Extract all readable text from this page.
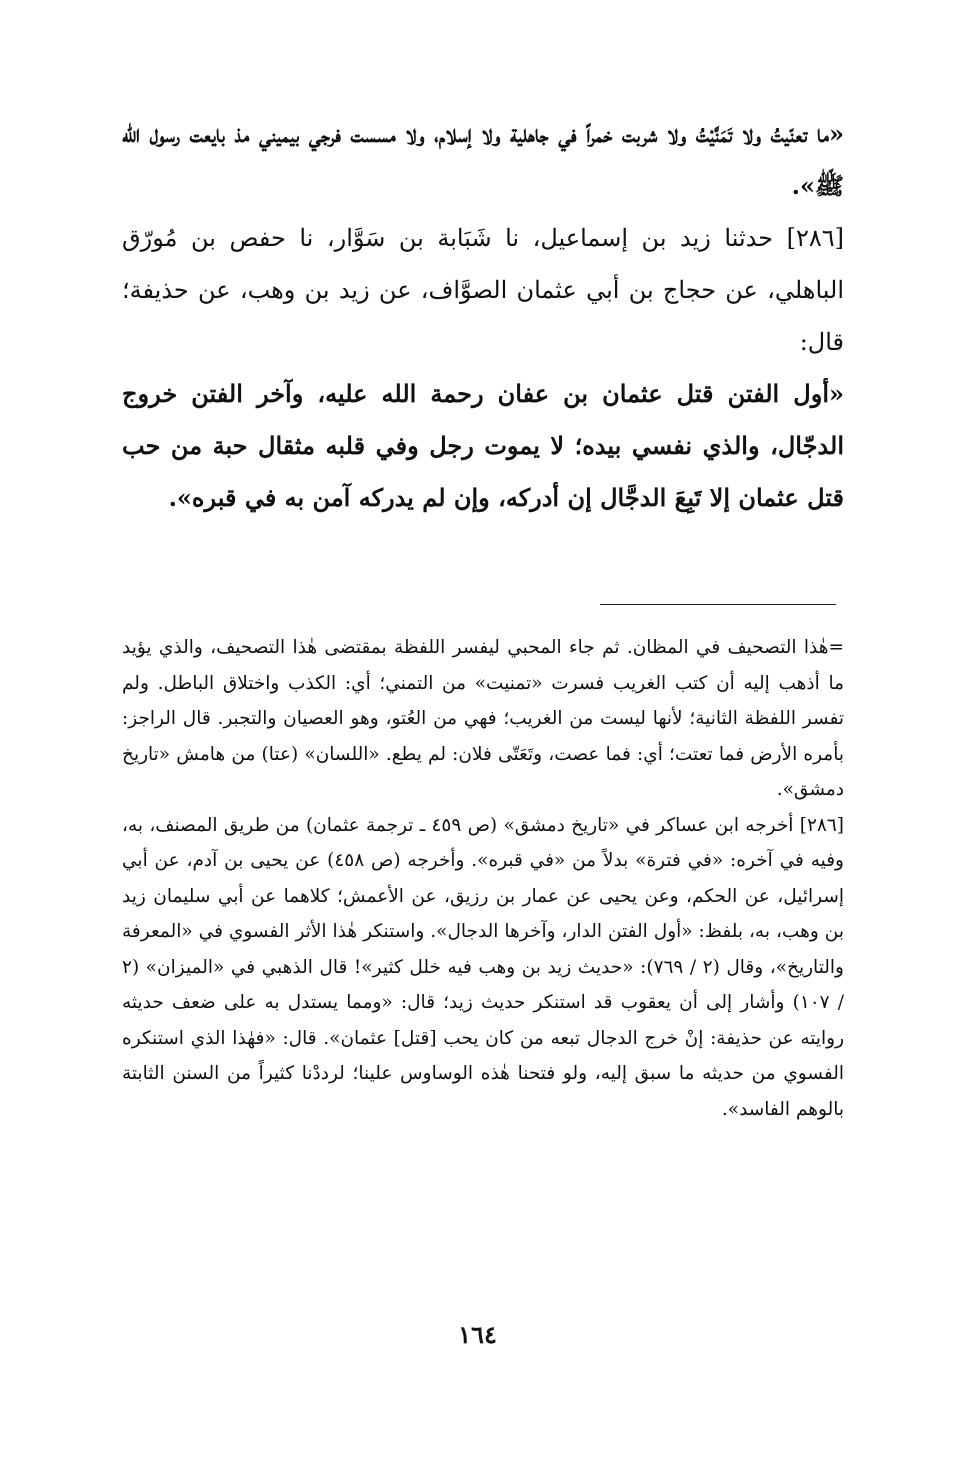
«ما تعنّيتُ ولا تَمَنَّيْتُ ولا شربت خمراً في جاهلية ولا إسلام، ولا مسست فرجي بيميني مذ بايعت رسول الله ﷺ».

[٢٨٦] حدثنا زيد بن إسماعيل، نا شَبَابة بن سَوَّار، نا حفص بن مُورّق الباهلي، عن حجاج بن أبي عثمان الصوَّاف، عن زيد بن وهب، عن حذيفة؛ قال:

«أول الفتن قتل عثمان بن عفان رحمة الله عليه، وآخر الفتن خروج الدجّال، والذي نفسي بيده؛ لا يموت رجل وفي قلبه مثقال حبة من حب قتل عثمان إلا تَبِعَ الدجَّال إن أدركه، وإن لم يدركه آمن به في قبره».

=هٰذا التصحيف في المظان. ثم جاء المحبي ليفسر اللفظة بمقتضى هٰذا التصحيف، والذي يؤيد ما أذهب إليه أن كتب الغريب فسرت «تمنيت» من التمني؛ أي: الكذب واختلاق الباطل. ولم تفسر اللفظة الثانية؛ لأنها ليست من الغريب؛ فهي من العُتو، وهو العصيان والتجبر. قال الراجز: بأمره الأرض فما تعتت؛ أي: فما عصت، وتَعَتّى فلان: لم يطع. «اللسان» (عتا) من هامش «تاريخ دمشق».

[٢٨٦] أخرجه ابن عساكر في «تاريخ دمشق» (ص ٤٥٩ ـ ترجمة عثمان) من طريق المصنف، به، وفيه في آخره: «في فترة» بدلاً من «في قبره». وأخرجه (ص ٤٥٨) عن يحيى بن آدم، عن أبي إسرائيل، عن الحكم، وعن يحيى عن عمار بن رزيق، عن الأعمش؛ كلاهما عن أبي سليمان زيد بن وهب، به، بلفظ: «أول الفتن الدار، وآخرها الدجال». واستنكر هٰذا الأثر الفسوي في «المعرفة والتاريخ»، وقال (٢ / ٧٦٩): «حديث زيد بن وهب فيه خلل كثير»! قال الذهبي في «الميزان» (٢ / ١٠٧) وأشار إلى أن يعقوب قد استنكر حديث زيد؛ قال: «ومما يستدل به على ضعف حديثه روايته عن حذيفة: إنْ خرج الدجال تبعه من كان يحب [قتل] عثمان». قال: «فهٰذا الذي استنكره الفسوي من حديثه ما سبق إليه، ولو فتحنا هٰذه الوساوس علينا؛ لرددْنا كثيراً من السنن الثابتة بالوهم الفاسد».

١٦٤
